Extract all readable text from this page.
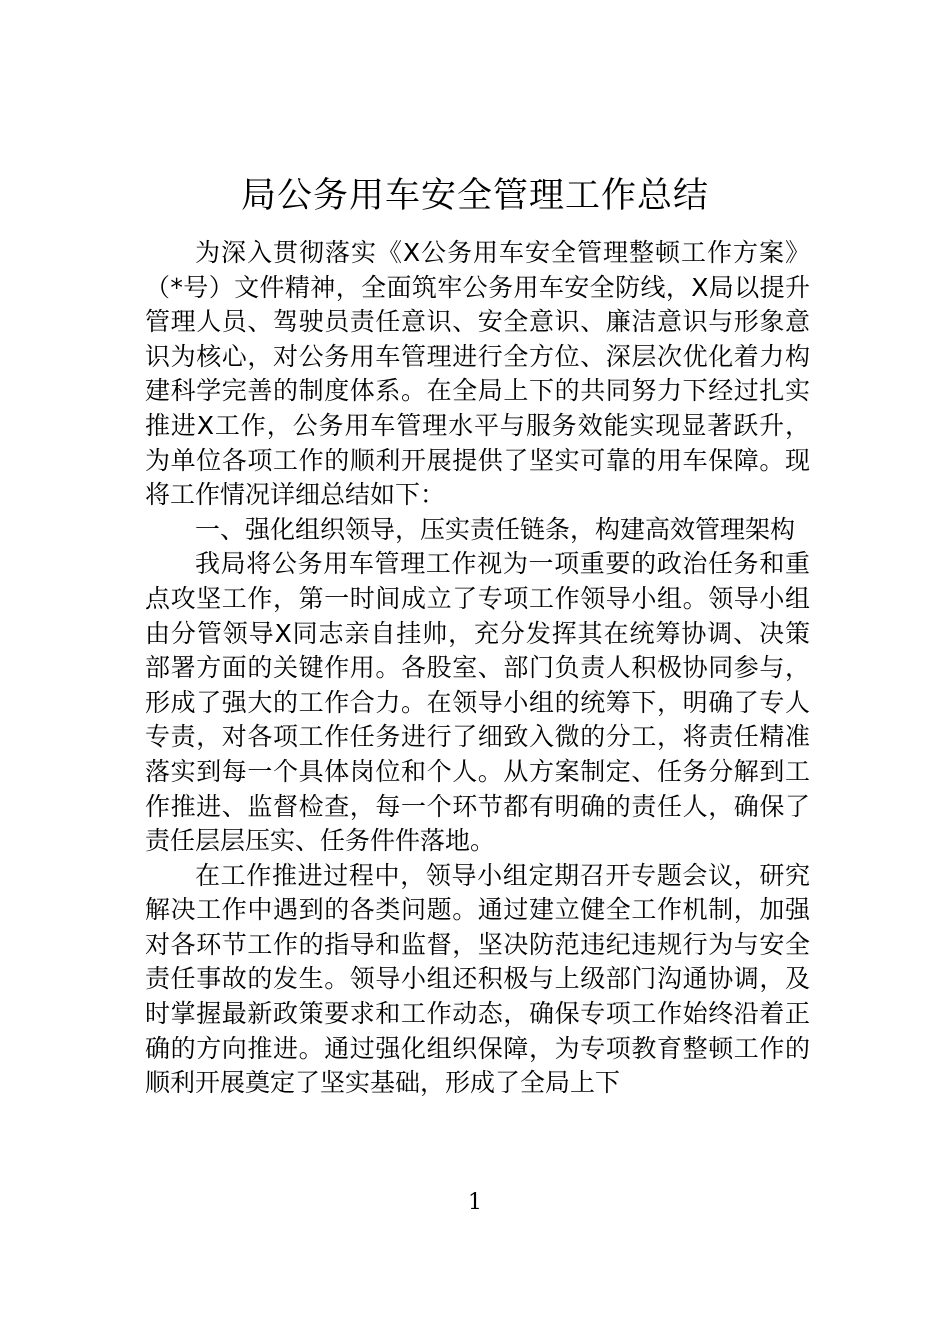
局公务用车安全管理工作总结

为深入贯彻落实《X公务用车安全管理整顿工作方案》（*号）文件精神，全面筑牢公务用车安全防线，X局以提升管理人员、驾驶员责任意识、安全意识、廉洁意识与形象意识为核心，对公务用车管理进行全方位、深层次优化着力构建科学完善的制度体系。在全局上下的共同努力下经过扎实推进X工作，公务用车管理水平与服务效能实现显著跃升，为单位各项工作的顺利开展提供了坚实可靠的用车保障。现将工作情况详细总结如下：

一、强化组织领导，压实责任链条，构建高效管理架构

我局将公务用车管理工作视为一项重要的政治任务和重点攻坚工作，第一时间成立了专项工作领导小组。领导小组由分管领导X同志亲自挂帅，充分发挥其在统筹协调、决策部署方面的关键作用。各股室、部门负责人积极协同参与，形成了强大的工作合力。在领导小组的统筹下，明确了专人专责，对各项工作任务进行了细致入微的分工，将责任精准落实到每一个具体岗位和个人。从方案制定、任务分解到工作推进、监督检查，每一个环节都有明确的责任人，确保了责任层层压实、任务件件落地。

在工作推进过程中，领导小组定期召开专题会议，研究解决工作中遇到的各类问题。通过建立健全工作机制，加强对各环节工作的指导和监督，坚决防范违纪违规行为与安全责任事故的发生。领导小组还积极与上级部门沟通协调，及时掌握最新政策要求和工作动态，确保专项工作始终沿着正确的方向推进。通过强化组织保障，为专项教育整顿工作的顺利开展奠定了坚实基础，形成了全局上下

1
